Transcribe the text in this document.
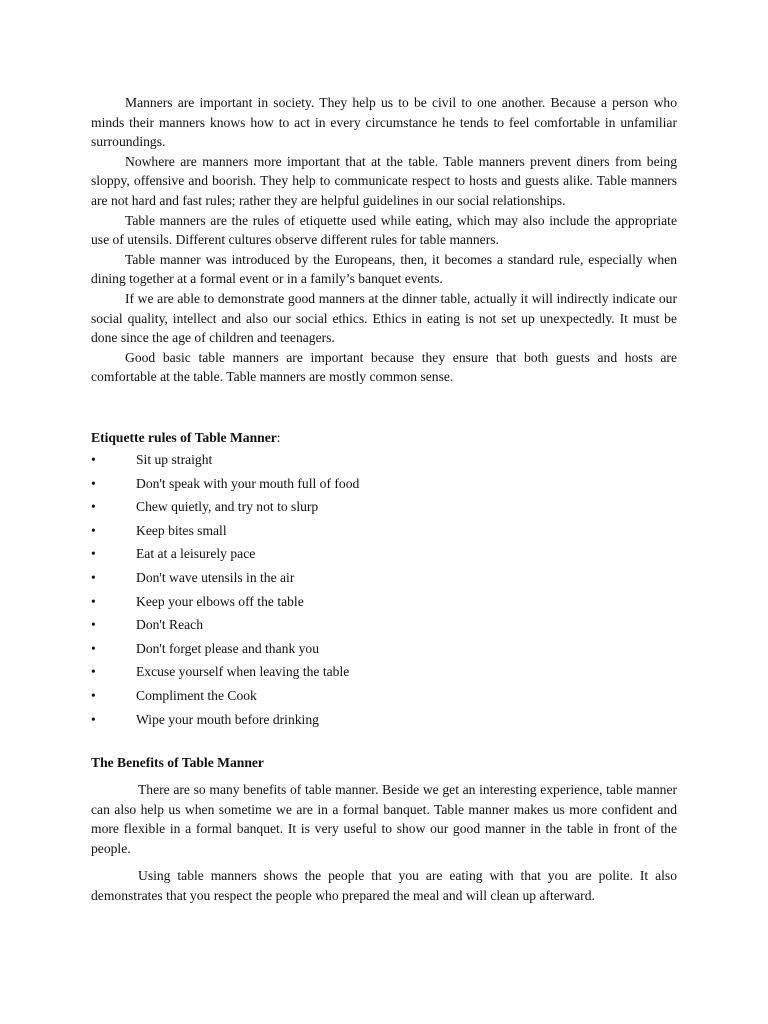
Manners are important in society. They help us to be civil to one another. Because a person who minds their manners knows how to act in every circumstance he tends to feel comfortable in unfamiliar surroundings.

Nowhere are manners more important that at the table. Table manners prevent diners from being sloppy, offensive and boorish. They help to communicate respect to hosts and guests alike. Table manners are not hard and fast rules; rather they are helpful guidelines in our social relationships.

Table manners are the rules of etiquette used while eating, which may also include the appropriate use of utensils. Different cultures observe different rules for table manners.

Table manner was introduced by the Europeans, then, it becomes a standard rule, especially when dining together at a formal event or in a family’s banquet events.

If we are able to demonstrate good manners at the dinner table, actually it will indirectly indicate our social quality, intellect and also our social ethics. Ethics in eating is not set up unexpectedly. It must be done since the age of children and teenagers.

Good basic table manners are important because they ensure that both guests and hosts are comfortable at the table. Table manners are mostly common sense.

Etiquette rules of Table Manner:

•	Sit up straight
•	Don't speak with your mouth full of food
•	Chew quietly, and try not to slurp
•	Keep bites small
•	Eat at a leisurely pace
•	Don't wave utensils in the air
•	Keep your elbows off the table
•	Don't Reach
•	Don't forget please and thank you
•	Excuse yourself when leaving the table
•	Compliment the Cook
•	Wipe your mouth before drinking

The Benefits of Table Manner

There are so many benefits of table manner. Beside we get an interesting experience, table manner can also help us when sometime we are in a formal banquet. Table manner makes us more confident and more flexible in a formal banquet. It is very useful to show our good manner in the table in front of the people.

Using table manners shows the people that you are eating with that you are polite. It also demonstrates that you respect the people who prepared the meal and will clean up afterward.
